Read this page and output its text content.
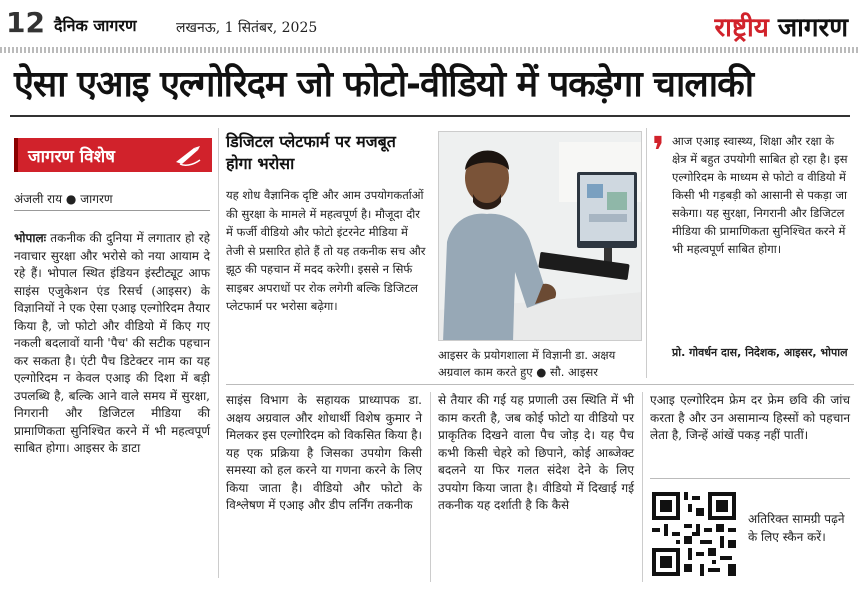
12 दैनिक जागरण	लखनऊ, 1 सितंबर, 2025	राष्ट्रीय जागरण
ऐसा एआइ एल्गोरिदम जो फोटो-वीडियो में पकड़ेगा चालाकी
जागरण विशेष
अंजली राय ● जागरण
भोपालः तकनीक की दुनिया में लगातार हो रहे नवाचार सुरक्षा और भरोसे को नया आयाम दे रहे हैं। भोपाल स्थित इंडियन इंस्टीट्यूट आफ साइंस एजुकेशन एंड रिसर्च (आइसर) के विज्ञानियों ने एक ऐसा एआइ एल्गोरिदम तैयार किया है, जो फोटो और वीडियो में किए गए नकली बदलावों यानी 'पैच' की सटीक पहचान कर सकता है। एंटी पैच डिटेक्टर नाम का यह एल्गोरिदम न केवल एआइ की दिशा में बड़ी उपलब्धि है, बल्कि आने वाले समय में सुरक्षा, निगरानी और डिजिटल मीडिया की प्रामाणिकता सुनिश्चित करने में भी महत्वपूर्ण साबित होगा। आइसर के डाटा
डिजिटल प्लेटफार्म पर मजबूत होगा भरोसा
यह शोध वैज्ञानिक दृष्टि और आम उपयोगकर्ताओं की सुरक्षा के मामले में महत्वपूर्ण है। मौजूदा दौर में फर्जी वीडियो और फोटो इंटरनेट मीडिया में तेजी से प्रसारित होते हैं तो यह तकनीक सच और झूठ की पहचान में मदद करेगी। इससे न सिर्फ साइबर अपराधों पर रोक लगेगी बल्कि डिजिटल प्लेटफार्म पर भरोसा बढ़ेगा।
आइसर के प्रयोगशाला में विज्ञानी डा. अक्षय अग्रवाल काम करते हुए ● सौ. आइसर
❜ आज एआइ स्वास्थ्य, शिक्षा और रक्षा के क्षेत्र में बहुत उपयोगी साबित हो रहा है। इस एल्गोरिदम के माध्यम से फोटो व वीडियो में किसी भी गड़बड़ी को आसानी से पकड़ा जा सकेगा। यह सुरक्षा, निगरानी और डिजिटल मीडिया की प्रामाणिकता सुनिश्चित करने में भी महत्वपूर्ण साबित होगा।
प्रो. गोवर्धन दास, निदेशक, आइसर, भोपाल
साइंस विभाग के सहायक प्राध्यापक डा. अक्षय अग्रवाल और शोधार्थी विशेष कुमार ने मिलकर इस एल्गोरिदम को विकसित किया है। यह एक प्रक्रिया है जिसका उपयोग किसी समस्या को हल करने या गणना करने के लिए किया जाता है। वीडियो और फोटो के विश्लेषण में एआइ और डीप लर्निंग तकनीक
से तैयार की गई यह प्रणाली उस स्थिति में भी काम करती है, जब कोई फोटो या वीडियो पर प्राकृतिक दिखने वाला पैच जोड़ दे। यह पैच कभी किसी चेहरे को छिपाने, कोई आब्जेक्ट बदलने या फिर गलत संदेश देने के लिए उपयोग किया जाता है। वीडियो में दिखाई गई तकनीक यह दर्शाती है कि कैसे
एआइ एल्गोरिदम फ्रेम दर फ्रेम छवि की जांच करता है और उन असामान्य हिस्सों को पहचान लेता है, जिन्हें आंखें पकड़ नहीं पातीं।
अतिरिक्त सामग्री पढ़ने के लिए स्कैन करें।
